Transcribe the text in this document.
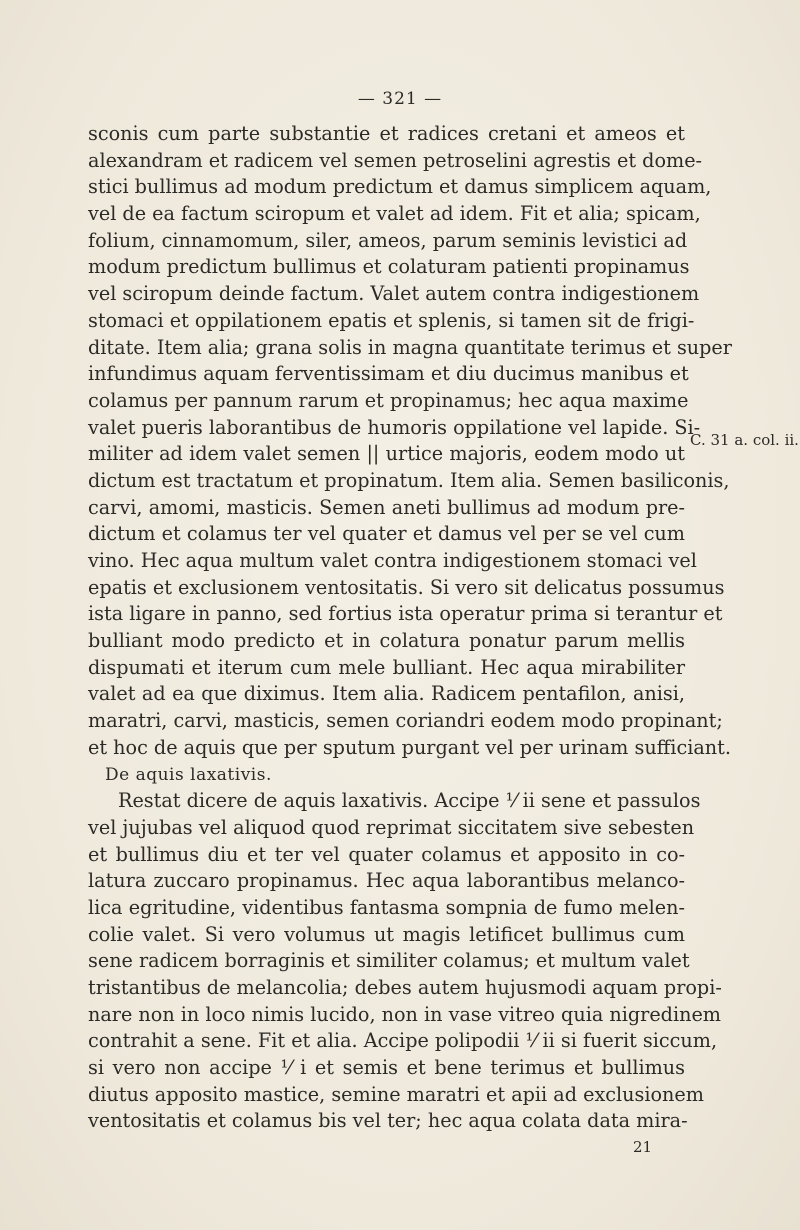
— 321 —
sconis cum parte substantie et radices cretani et ameos et
alexandram et radicem vel semen petroselini agrestis et dome-
stici bullimus ad modum predictum et damus simplicem aquam,
vel de ea factum sciropum et valet ad idem. Fit et alia; spicam,
folium, cinnamomum, siler, ameos, parum seminis levistici ad
modum predictum bullimus et colaturam patienti propinamus
vel sciropum deinde factum. Valet autem contra indigestionem
stomaci et oppilationem epatis et splenis, si tamen sit de frigi-
ditate. Item alia; grana solis in magna quantitate terimus et super
infundimus aquam ferventissimam et diu ducimus manibus et
colamus per pannum rarum et propinamus; hec aqua maxime
valet pueris laborantibus de humoris oppilatione vel lapide. Si-
militer ad idem valet semen || urtice majoris, eodem modo ut
dictum est tractatum et propinatum. Item alia. Semen basiliconis,
carvi, amomi, masticis. Semen aneti bullimus ad modum pre-
dictum et colamus ter vel quater et damus vel per se vel cum
vino. Hec aqua multum valet contra indigestionem stomaci vel
epatis et exclusionem ventositatis. Si vero sit delicatus possumus
ista ligare in panno, sed fortius ista operatur prima si terantur et
bulliant modo predicto et in colatura ponatur parum mellis
dispumati et iterum cum mele bulliant. Hec aqua mirabiliter
valet ad ea que diximus. Item alia. Radicem pentafilon, anisi,
maratri, carvi, masticis, semen coriandri eodem modo propinant;
et hoc de aquis que per sputum purgant vel per urinam sufficiant.
De aquis laxativis.
Restat dicere de aquis laxativis. Accipe ⅟ ii sene et passulos
vel jujubas vel aliquod quod reprimat siccitatem sive sebesten
et bullimus diu et ter vel quater colamus et apposito in co-
latura zuccaro propinamus. Hec aqua laborantibus melanco-
lica egritudine, videntibus fantasma sompnia de fumo melen-
colie valet. Si vero volumus ut magis letificet bullimus cum
sene radicem borraginis et similiter colamus; et multum valet
tristantibus de melancolia; debes autem hujusmodi aquam propi-
nare non in loco nimis lucido, non in vase vitreo quia nigredinem
contrahit a sene. Fit et alia. Accipe polipodii ⅟ ii si fuerit siccum,
si vero non accipe ⅟ i et semis et bene terimus et bullimus
diutus apposito mastice, semine maratri et apii ad exclusionem
ventositatis et colamus bis vel ter; hec aqua colata data mira-
C. 31 a. col. ii.
21
